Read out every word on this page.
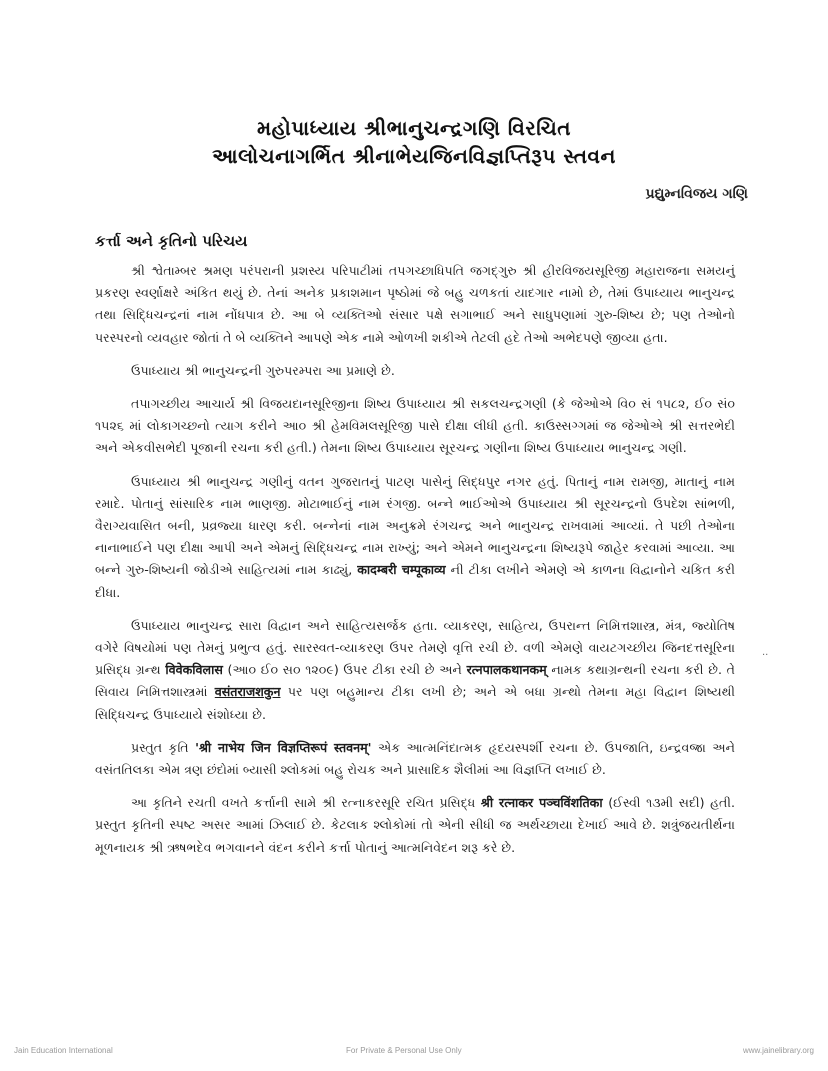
મહોપાધ્યાય શ્રીભાનુચન્દ્રગણિ વિરચિત
આલોચનાગર્ભિત શ્રીનાભેયજિનવિજ્ઞપ્તિરૂપ સ્તવન
પ્રદ્યુમ્નવિજય ગણિ
કર્ત્તા અને કૃતિનો પરિચય

શ્રી શ્વેતામ્બર શ્રમણ પરંપરાની પ્રશસ્ય પરિપાટીમાં તપગચ્છાધિપતિ જગદ્ગુરુ શ્રી હીરવિજયસૂરિજી મહારાજના સમયનું પ્રકરણ સ્વર્ણાક્ષરે અંકિત થયું છે. તેનાં અનેક પ્રકાશમાન પૃષ્ઠોમાં જે બહુ ચળકતાં યાદગાર નામો છે, તેમાં ઉપાધ્યાય ભાનુચન્દ્ર તથા સિદ્ધિચન્દ્રનાં નામ નોંધપાત્ર છે. આ બે વ્યક્તિઓ સંસાર પક્ષે સગાભાઈ અને સાધુપણામાં ગુરુ-શિષ્ય છે; પણ તેઓનો પરસ્પરનો વ્યવહાર જોતાં તે બે વ્યક્તિને આપણે એક નામે ઓળખી શકીએ તેટલી હદે તેઓ અભેદપણે જીવ્યા હતા.

ઉપાધ્યાય શ્રી ભાનુચન્દ્રની ગુરુપરમ્પરા આ પ્રમાણે છે.

તપાગચ્છીય આચાર્ય શ્રી વિજયદાનસૂરિજીના શિષ્ય ઉપાધ્યાય શ્રી સકલચન્દ્રગણી (કે જેઓએ વિ૦ સં ૧૫૮૨, ઈ૦ સં૦ ૧૫૨૬ માં લોકાગચ્છનો ત્યાગ કરીને આ૦ શ્રી હેમવિમલસૂરિજી પાસે દીક્ષા લીધી હતી. કાઉસ્સગ્ગમાં જ જેઓએ શ્રી સત્તરભેદી અને એકવીસભેદી પૂજાની રચના કરી હતી.) તેમના શિષ્ય ઉપાધ્યાય સૂરચન્દ્ર ગણીના શિષ્ય ઉપાધ્યાય ભાનુચન્દ્ર ગણી.

ઉપાધ્યાય શ્રી ભાનુચન્દ્ર ગણીનું વતન ગુજરાતનું પાટણ પાસેનું સિદ્ધપુર નગર હતું. પિતાનું નામ રામજી, માતાનું નામ રમાદે. પોતાનું સાંસારિક નામ ભાણજી. મોટાભાઈનું નામ રંગજી. બન્ને ભાઈઓએ ઉપાધ્યાય શ્રી સૂરચન્દ્રનો ઉપદેશ સાંભળી, વૈરાગ્યવાસિત બની, પ્રવ્રજ્યા ધારણ કરી. બન્નેનાં નામ અનુક્રમે રંગચન્દ્ર અને ભાનુચન્દ્ર રાખવામાં આવ્યાં. તે પછી તેઓના નાનાભાઈને પણ દીક્ષા આપી અને એમનું સિદ્ધિચન્દ્ર નામ રાખ્યું; અને એમને ભાનુચન્દ્રના શિષ્યરૂપે જાહેર કરવામાં આવ્યા. આ બન્ને ગુરુ-શિષ્યની જોડીએ સાહિત્યમાં નામ કાઢ્યું, कादम्बरी चम्पूकाव्य ની ટીકા લખીને એમણે એ કાળના વિદ્વાનોને ચકિત કરી દીધા.

ઉપાધ્યાય ભાનુચન્દ્ર સારા વિદ્વાન અને સાહિત્યસર્જક હતા. વ્યાકરણ, સાહિત્ય, ઉપરાન્ત નિમિત્તશાસ્ત્ર, મંત્ર, જ્યોતિષ વગેરે વિષયોમાં પણ તેમનું પ્રભુત્વ હતું. સારસ્વત-વ્યાકરણ ઉપર તેમણે વૃત્તિ રચી છે. વળી એમણે વાયટગચ્છીય જિનદત્તસૂરિના પ્રસિદ્ધ ગ્રન્થ विवेकविलास (આ૦ ઈ૦ સ૦ ૧૨૦૯) ઉપર ટીકા રચી છે અને रत्नपालकथानकम् નામક કથાગ્રન્થની રચના કરી છે. તે સિવાય નિમિત્તશાસ્ત્રમાં वसंतराजशकुन પર પણ બહુમાન્ય ટીકા લખી છે; અને એ બધા ગ્રન્થો તેમના મહા વિદ્વાન શિષ્યથી સિદ્ધિચન્દ્ર ઉપાધ્યાયે સંશોધ્યા છે.

પ્રસ્તુત કૃતિ 'श्री नाभेय जिन विज्ञप्तिरूपं स्तवनम्' એક આત્મનિંદાત્મક હૃદયસ્પર્શી રચના છે. ઉપજાતિ, ઇન્દ્રવજ્રા અને વસંતતિલકા એમ ત્રણ છંદોમાં બ્યાસી શ્લોકમાં બહુ રોચક અને પ્રાસાદિક શૈલીમાં આ વિજ્ઞપ્તિ લખાઈ છે.

આ કૃતિને રચતી વખતે કર્ત્તાની સામે શ્રી રત્નાકરસૂરિ રચિત પ્રસિદ્ધ श्री रत्नाकर पञ्चविंशतिका (ઈસ્વી ૧૩મી સદી) હતી. પ્રસ્તુત કૃતિની સ્પષ્ટ અસર આમાં ઝિલાઈ છે. કેટલાક શ્લોકોમાં તો એની સીધી જ અર્થચ્છાયા દેખાઈ આવે છે. શત્રુંજયતીર્થના મૂળનાયક શ્રી ઋષભદેવ ભગવાનને વંદન કરીને કર્ત્તા પોતાનું આત્મનિવેદન શરૂ કરે છે.

··
Jain Education International	For Private & Personal Use Only	www.jainelibrary.org
